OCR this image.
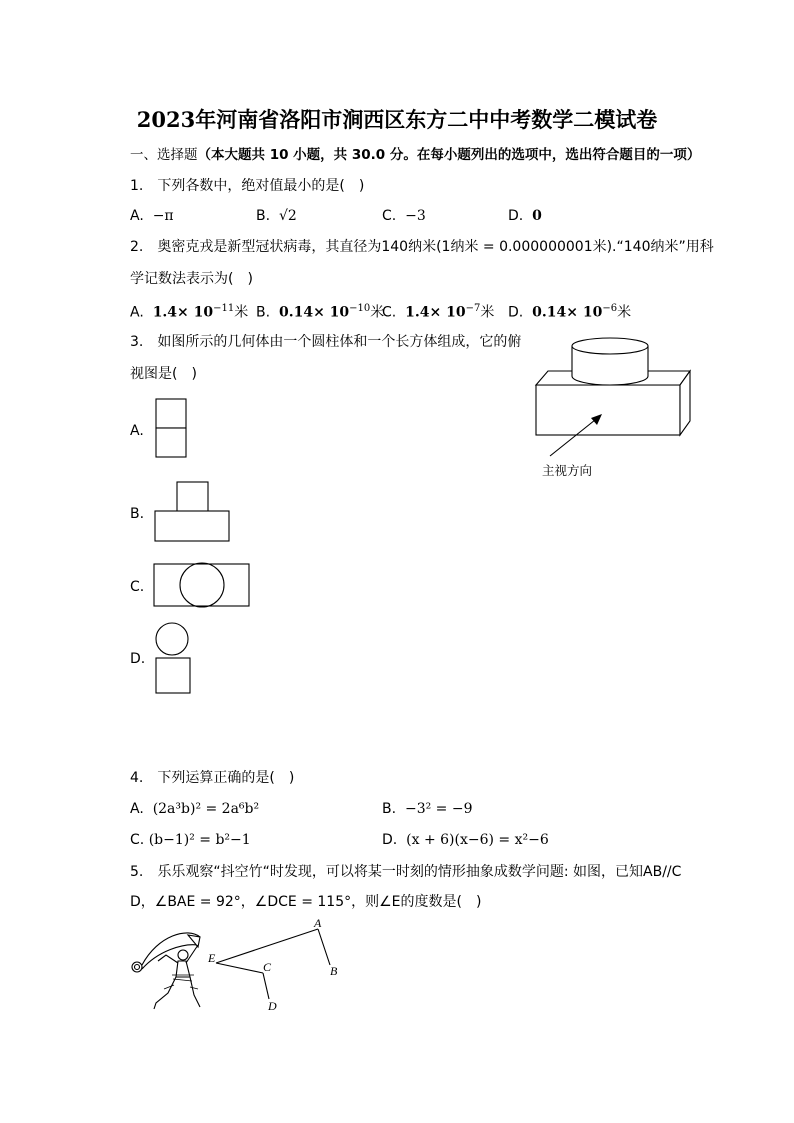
2023年河南省洛阳市涧西区东方二中中考数学二模试卷
一、选择题（本大题共 10 小题，共 30.0 分。在每小题列出的选项中，选出符合题目的一项）
1.　下列各数中，绝对值最小的是(　)
A. −π	B. √2	C. −3	D. 0
2.　奥密克戎是新型冠状病毒，其直径为140纳米(1纳米 = 0.000000001米).“140纳米”用科
学记数法表示为(　)
A. $1.4\times 10^{-11}$米 B. $0.14\times 10^{-10}$米
C. $1.4\times 10^{-7}$米 D. $0.14\times 10^{-6}$米
3.　如图所示的几何体由一个圆柱体和一个长方体组成，它的俯
视图是(　)
主视方向
A.
B.
C.
D.
4.　下列运算正确的是(　)
A. (2a³b)² = 2a⁶b²	B. −3² = −9
C. (b−1)² = b²−1	D. (x + 6)(x−6) = x²−6
5.　乐乐观察“抖空竹“时发现，可以将某一时刻的情形抽象成数学问题: 如图，已知AB//C
D，∠BAE = 92°，∠DCE = 115°，则∠E的度数是(　)
E
A
B
C
D
